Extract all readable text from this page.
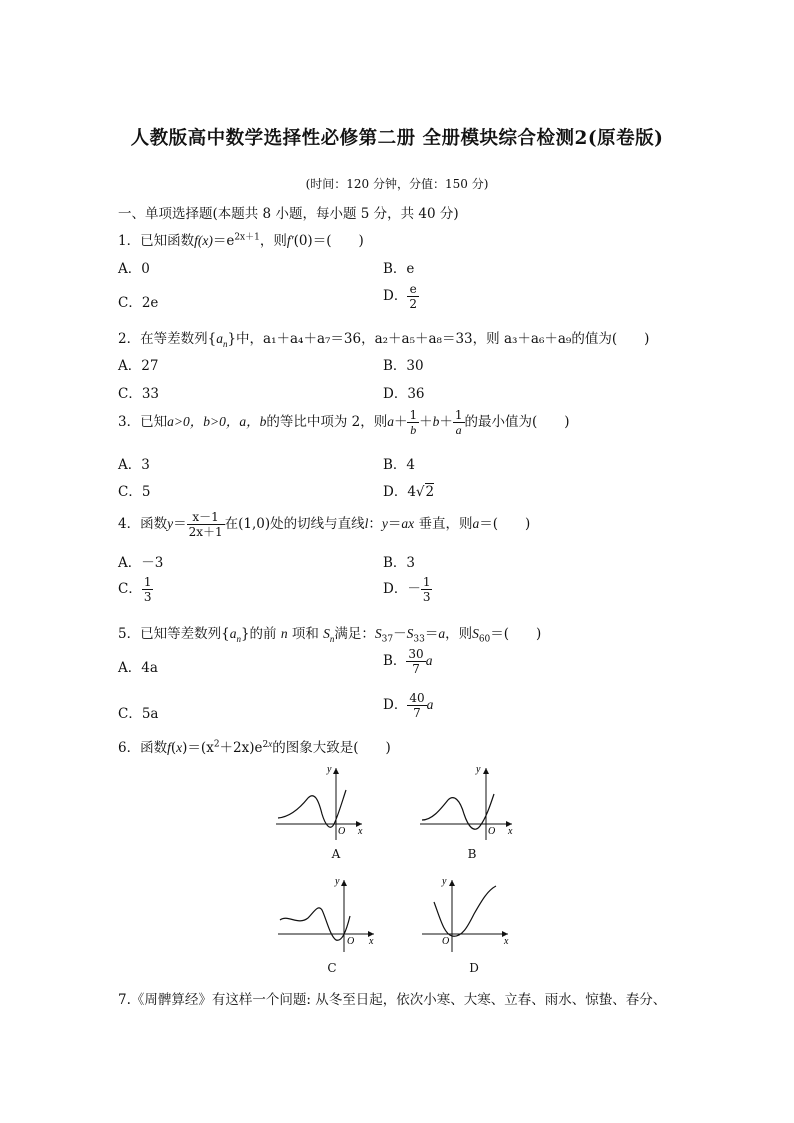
人教版高中数学选择性必修第二册 全册模块综合检测2(原卷版)
(时间：120 分钟，分值：150 分)
一、单项选择题(本题共 8 小题，每小题 5 分，共 40 分)
1．已知函数$f(x)=e^{2x+1}$，则f′(0)＝(　　)
A．0	B．e
C．2e	D． $\frac{e}{2}$
2．在等差数列$\{a_n\}$中，a₁＋a₄＋a₇＝36，a₂＋a₅＋a₈＝33，则 a₃＋a₆＋a₉的值为(　　)
A．27	B．30
C．33	D．36
3．已知a>0，b>0，a，b的等比中项为 2，则$a+ \frac{1}{b} +b+ \frac{1}{a}$ 的最小值为(　　)
A．3	B．4
C．5	D．4√2
4．函数$y= \frac{x-1}{2x+1}$ 在(1,0)处的切线与直线l：y＝ax 垂直，则a＝(　　)
A．－3	B．3
C． $\frac{1}{3}$	D．－ $\frac{1}{3}$
5．已知等差数列$\{a_n\}$的前 n 项和 $S_n$满足：$S_{37}-S_{33}=a$，则$S_{60}=$(　　)
A．4a	B． $\frac{30}{7}$ a
C．5a
D． $\frac{40}{7}$ a
6．函数$f(x)=(x^2+2x)e^{2x}$的图象大致是(　　)
y
x
O
A
y
x
O
B
y
x
O
C
y
x
O
D
7.《周髀算经》有这样一个问题: 从冬至日起，依次小寒、大寒、立春、雨水、惊蛰、春分、
